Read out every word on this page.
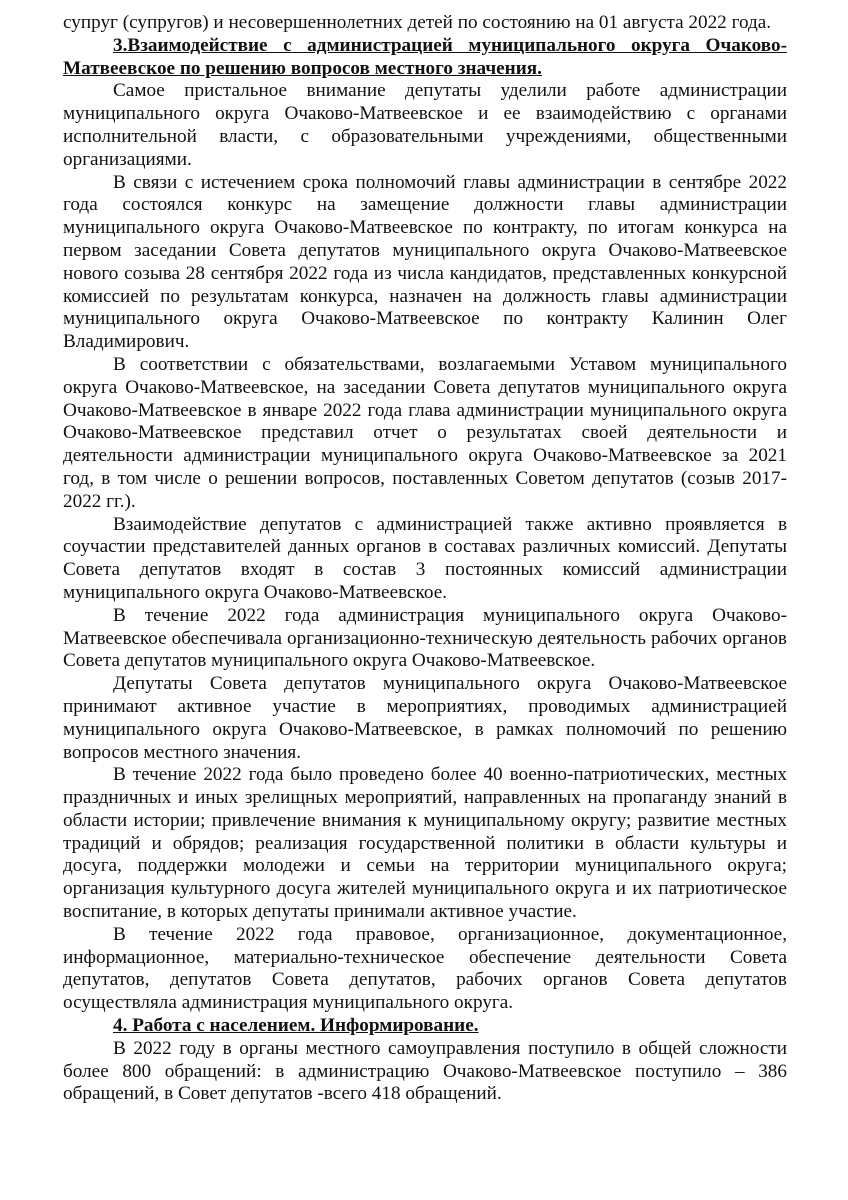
супруг (супругов) и несовершеннолетних детей по состоянию на 01 августа 2022 года.

3.Взаимодействие с администрацией муниципального округа Очаково-Матвеевское по решению вопросов местного значения.

Самое пристальное внимание депутаты уделили работе администрации муниципального округа Очаково-Матвеевское и ее взаимодействию с органами исполнительной власти, с образовательными учреждениями, общественными организациями.

В связи с истечением срока полномочий главы администрации в сентябре 2022 года состоялся конкурс на замещение должности главы администрации муниципального округа Очаково-Матвеевское по контракту, по итогам конкурса на первом заседании Совета депутатов муниципального округа Очаково-Матвеевское нового созыва 28 сентября 2022 года из числа кандидатов, представленных конкурсной комиссией по результатам конкурса, назначен на должность главы администрации муниципального округа Очаково-Матвеевское по контракту Калинин Олег Владимирович.

В соответствии с обязательствами, возлагаемыми Уставом муниципального округа Очаково-Матвеевское, на заседании Совета депутатов муниципального округа Очаково-Матвеевское в январе 2022 года глава администрации муниципального округа Очаково-Матвеевское представил отчет о результатах своей деятельности и деятельности администрации муниципального округа Очаково-Матвеевское за 2021 год, в том числе о решении вопросов, поставленных Советом депутатов (созыв 2017-2022 гг.).

Взаимодействие депутатов с администрацией также активно проявляется в соучастии представителей данных органов в составах различных комиссий. Депутаты Совета депутатов входят в состав 3 постоянных комиссий администрации муниципального округа Очаково-Матвеевское.

В течение 2022 года администрация муниципального округа Очаково-Матвеевское обеспечивала организационно-техническую деятельность рабочих органов Совета депутатов муниципального округа Очаково-Матвеевское.

Депутаты Совета депутатов муниципального округа Очаково-Матвеевское принимают активное участие в мероприятиях, проводимых администрацией муниципального округа Очаково-Матвеевское, в рамках полномочий по решению вопросов местного значения.

В течение 2022 года было проведено более 40 военно-патриотических, местных праздничных и иных зрелищных мероприятий, направленных на пропаганду знаний в области истории; привлечение внимания к муниципальному округу; развитие местных традиций и обрядов; реализация государственной политики в области культуры и досуга, поддержки молодежи и семьи на территории муниципального округа; организация культурного досуга жителей муниципального округа и их патриотическое воспитание, в которых депутаты принимали активное участие.

В течение 2022 года правовое, организационное, документационное, информационное, материально-техническое обеспечение деятельности Совета депутатов, депутатов Совета депутатов, рабочих органов Совета депутатов осуществляла администрация муниципального округа.

4. Работа с населением. Информирование.

В 2022 году в органы местного самоуправления поступило в общей сложности более 800 обращений: в администрацию Очаково-Матвеевское поступило – 386 обращений, в Совет депутатов -всего 418 обращений.
